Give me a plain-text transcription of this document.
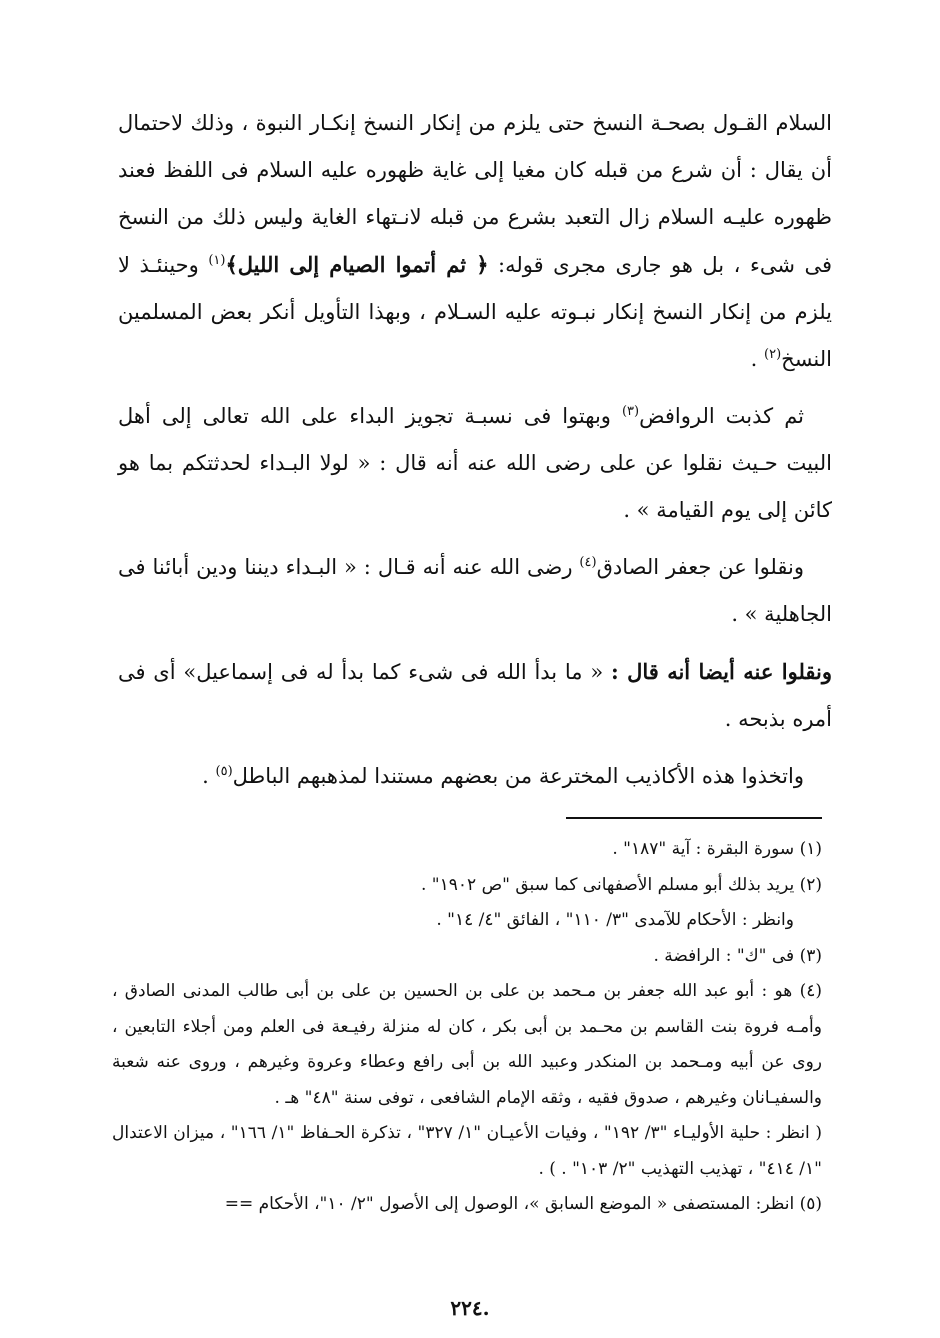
السلام القـول بصحـة النسخ حتى يلزم من إنكار النسخ إنكـار النبوة ، وذلك لاحتمال أن يقال : أن شرع من قبله كان مغيا إلى غاية ظهوره عليه السلام فى اللفظ فعند ظهوره عليـه السلام زال التعبد بشرع من قبله لانـتهاء الغاية وليس ذلك من النسخ فى شىء ، بل هو جارى مجرى قوله: ﴿ ثم أتموا الصيام إلى الليل﴾$^{(١)}$ وحينئـذ لا يلزم من إنكار النسخ إنكار نبـوته عليه السـلام ، وبهذا التأويل أنكر بعض المسلمين النسخ$^{(٢)}$ .

ثم كذبت الروافض$^{(٣)}$ وبهتوا فى نسبـة تجويز البداء على الله تعالى إلى أهل البيت حـيث نقلوا عن على رضى الله عنه أنه قال : « لولا البـداء لحدثتكم بما هو كائن إلى يوم القيامة » .

ونقلوا عن جعفر الصادق$^{(٤)}$ رضى الله عنه أنه قـال : « البـداء ديننا ودين أبائنا فى الجاهلية » .

ونقلوا عنه أيضا أنه قال : « ما بدأ الله فى شىء كما بدأ له فى إسماعيل» أى فى أمره بذبحه .

واتخذوا هذه الأكاذيب المخترعة من بعضهم مستندا لمذهبهم الباطل$^{(٥)}$ .

(١) سورة البقرة : آية "١٨٧" .

(٢) يريد بذلك أبو مسلم الأصفهانى كما سبق "ص ١٩٠٢" .

وانظر : الأحكام للآمدى "٣/ ١١٠" ، الفائق "٤/ ١٤" .

(٣) فى "ك" : الرافضة .

(٤) هو : أبو عبد الله جعفر بن مـحمد بن على بن الحسين بن على بن أبى طالب المدنى الصادق ، وأمـه فروة بنت القاسم بن محـمد بن أبى بكر ، كان له منزلة رفيـعة فى العلم ومن أجلاء التابعين ، روى عن أبيه ومـحمد بن المنكدر وعبيد الله بن أبى رافع وعطاء وعروة وغيرهم ، وروى عنه شعبة والسفيـانان وغيرهم ، صدوق فقيه ، وثقه الإمام الشافعى ، توفى سنة "٤٨" هـ .

( انظر : حلية الأوليـاء "٣/ ١٩٢" ، وفيات الأعيـان "١/ ٣٢٧" ، تذكرة الحـفاظ "١/ ١٦٦" ، ميزان الاعتدال "١/ ٤١٤" ، تهذيب التهذيب "٢/ ١٠٣" . ) .

(٥) انظر: المستصفى « الموضع السابق »، الوصول إلى الأصول "٢/ ١٠"، الأحكام ==

٢٢٤.
